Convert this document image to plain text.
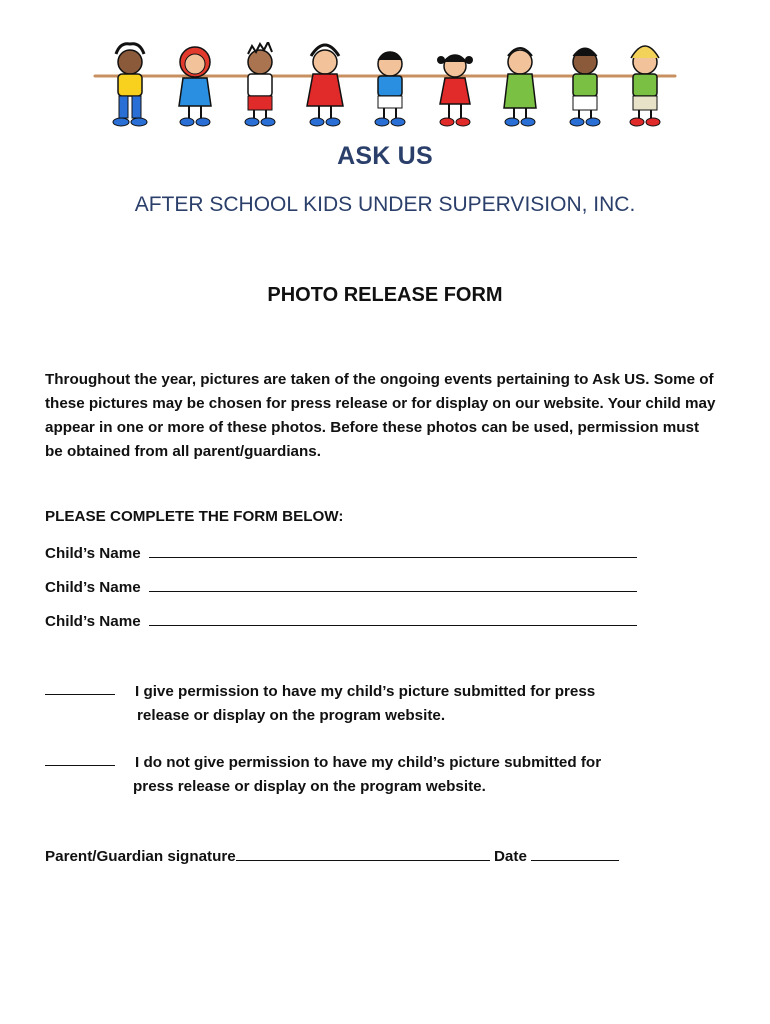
ASK US
AFTER SCHOOL KIDS UNDER SUPERVISION, INC.
PHOTO RELEASE FORM

Throughout the year, pictures are taken of the ongoing events pertaining to Ask US. Some of

these pictures may be chosen for press release or for display on our website. Your child may

appear in one or more of these photos. Before these photos can be used, permission must

be obtained from all parent/guardians.

PLEASE COMPLETE THE FORM BELOW:
Child’s Name
Child’s Name
Child’s Name

I give permission to have my child’s picture submitted for press

release or display on the program website.

I do not give permission to have my child’s picture submitted for

press release or display on the program website.

Parent/Guardian signature	Date
